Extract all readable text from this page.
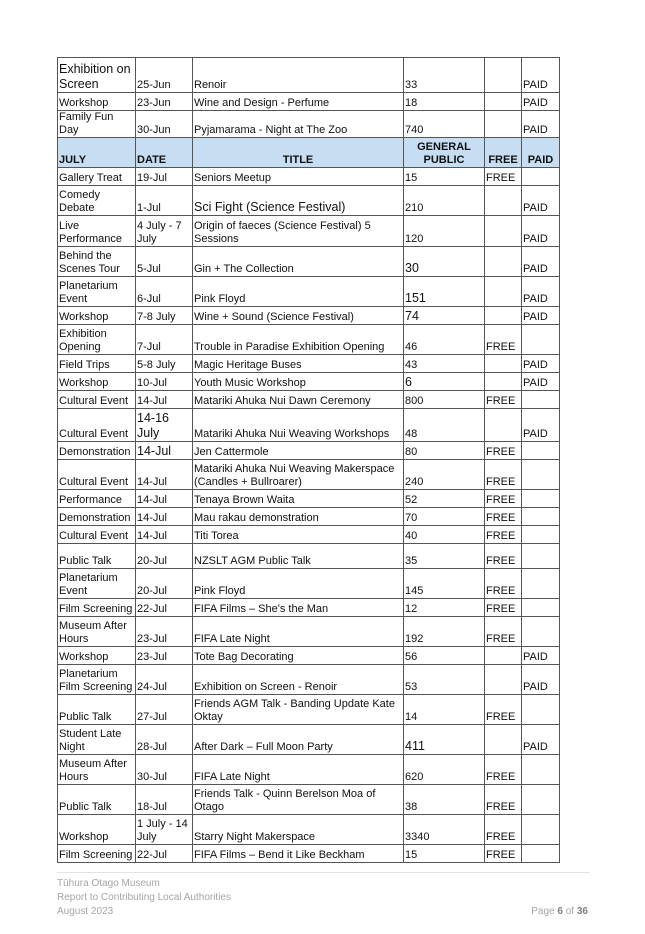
Exhibition on Screen	25-Jun	Renoir	33		PAID
Workshop	23-Jun	Wine and Design - Perfume	18		PAID
Family Fun Day	30-Jun	Pyjamarama - Night at The Zoo	740		PAID
JULY	DATE	TITLE	GENERAL PUBLIC	FREE	PAID
Gallery Treat	19-Jul	Seniors Meetup	15	FREE	
Comedy Debate	1-Jul	Sci Fight (Science Festival)	210		PAID
Live Performance	4 July - 7 July	Origin of faeces (Science Festival) 5 Sessions	120		PAID
Behind the Scenes Tour	5-Jul	Gin + The Collection	30		PAID
Planetarium Event	6-Jul	Pink Floyd	151		PAID
Workshop	7-8 July	Wine + Sound (Science Festival)	74		PAID
Exhibition Opening	7-Jul	Trouble in Paradise Exhibition Opening	46	FREE	
Field Trips	5-8 July	Magic Heritage Buses	43		PAID
Workshop	10-Jul	Youth Music Workshop	6		PAID
Cultural Event	14-Jul	Matariki Ahuka Nui Dawn Ceremony	800	FREE	
Cultural Event	14-16 July	Matariki Ahuka Nui Weaving Workshops	48		PAID
Demonstration	14-Jul	Jen Cattermole	80	FREE	
Cultural Event	14-Jul	Matariki Ahuka Nui Weaving Makerspace (Candles + Bullroarer)	240	FREE	
Performance	14-Jul	Tenaya Brown Waita	52	FREE	
Demonstration	14-Jul	Mau rakau demonstration	70	FREE	
Cultural Event	14-Jul	Titi Torea	40	FREE	
Public Talk	20-Jul	NZSLT AGM Public Talk	35	FREE	
Planetarium Event	20-Jul	Pink Floyd	145	FREE	
Film Screening	22-Jul	FIFA Films – She's the Man	12	FREE	
Museum After Hours	23-Jul	FIFA Late Night	192	FREE	
Workshop	23-Jul	Tote Bag Decorating	56		PAID
Planetarium Film Screening	24-Jul	Exhibition on Screen - Renoir	53		PAID
Public Talk	27-Jul	Friends AGM Talk - Banding Update Kate Oktay	14	FREE	
Student Late Night	28-Jul	After Dark – Full Moon Party	411		PAID
Museum After Hours	30-Jul	FIFA Late Night	620	FREE	
Public Talk	18-Jul	Friends Talk - Quinn Berelson Moa of Otago	38	FREE	
Workshop	1 July - 14 July	Starry Night Makerspace	3340	FREE	
Film Screening	22-Jul	FIFA Films – Bend it Like Beckham	15	FREE	
Tūhura Otago Museum
Report to Contributing Local Authorities
August 2023	Page 6 of 36
